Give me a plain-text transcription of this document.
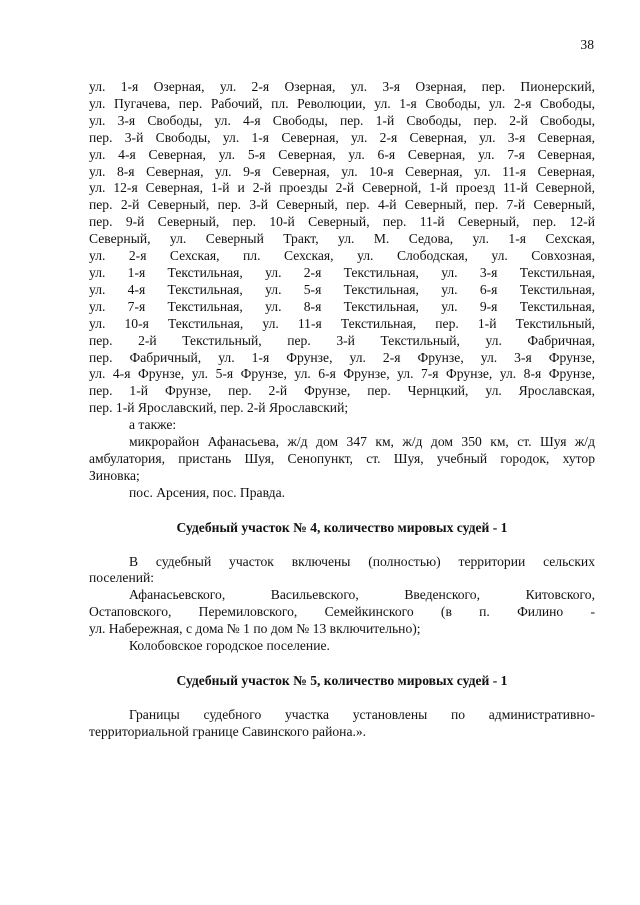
38

ул. 1-я Озерная, ул. 2-я Озерная, ул. 3-я Озерная, пер. Пионерский,

ул. Пугачева, пер. Рабочий, пл. Революции, ул. 1-я Свободы, ул. 2-я Свободы,

ул. 3-я Свободы, ул. 4-я Свободы, пер. 1-й Свободы, пер. 2-й Свободы,

пер. 3-й Свободы, ул. 1-я Северная, ул. 2-я Северная, ул. 3-я Северная,

ул. 4-я Северная, ул. 5-я Северная, ул. 6-я Северная, ул. 7-я Северная,

ул. 8-я Северная, ул. 9-я Северная, ул. 10-я Северная, ул. 11-я Северная,

ул. 12-я Северная, 1-й и 2-й проезды 2-й Северной, 1-й проезд 11-й Северной,

пер. 2-й Северный, пер. 3-й Северный, пер. 4-й Северный, пер. 7-й Северный,

пер. 9-й Северный, пер. 10-й Северный, пер. 11-й Северный, пер. 12-й

Северный, ул. Северный Тракт, ул. М. Седова, ул. 1-я Сехская,

ул. 2-я Сехская, пл. Сехская, ул. Слободская, ул. Совхозная,

ул. 1-я Текстильная, ул. 2-я Текстильная, ул. 3-я Текстильная,

ул. 4-я Текстильная, ул. 5-я Текстильная, ул. 6-я Текстильная,

ул. 7-я Текстильная, ул. 8-я Текстильная, ул. 9-я Текстильная,

ул. 10-я Текстильная, ул. 11-я Текстильная, пер. 1-й Текстильный,

пер. 2-й Текстильный, пер. 3-й Текстильный, ул. Фабричная,

пер. Фабричный, ул. 1-я Фрунзе, ул. 2-я Фрунзе, ул. 3-я Фрунзе,

ул. 4-я Фрунзе, ул. 5-я Фрунзе, ул. 6-я Фрунзе, ул. 7-я Фрунзе, ул. 8-я Фрунзе,

пер. 1-й Фрунзе, пер. 2-й Фрунзе, пер. Чернцкий, ул. Ярославская,

пер. 1-й Ярославский, пер. 2-й Ярославский;

а также:

микрорайон Афанасьева, ж/д дом 347 км, ж/д дом 350 км, ст. Шуя ж/д

амбулатория, пристань Шуя, Сенопункт, ст. Шуя, учебный городок, хутор

Зиновка;

пос. Арсения, пос. Правда.

Судебный участок № 4, количество мировых судей - 1

В судебный участок включены (полностью) территории сельских

поселений:

Афанасьевского, Васильевского, Введенского, Китовского,

Остаповского, Перемиловского, Семейкинского (в п. Филино -

ул. Набережная, с дома № 1 по дом № 13 включительно);

Колобовское городское поселение.

Судебный участок № 5, количество мировых судей - 1

Границы судебного участка установлены по административно-

территориальной границе Савинского района.».
